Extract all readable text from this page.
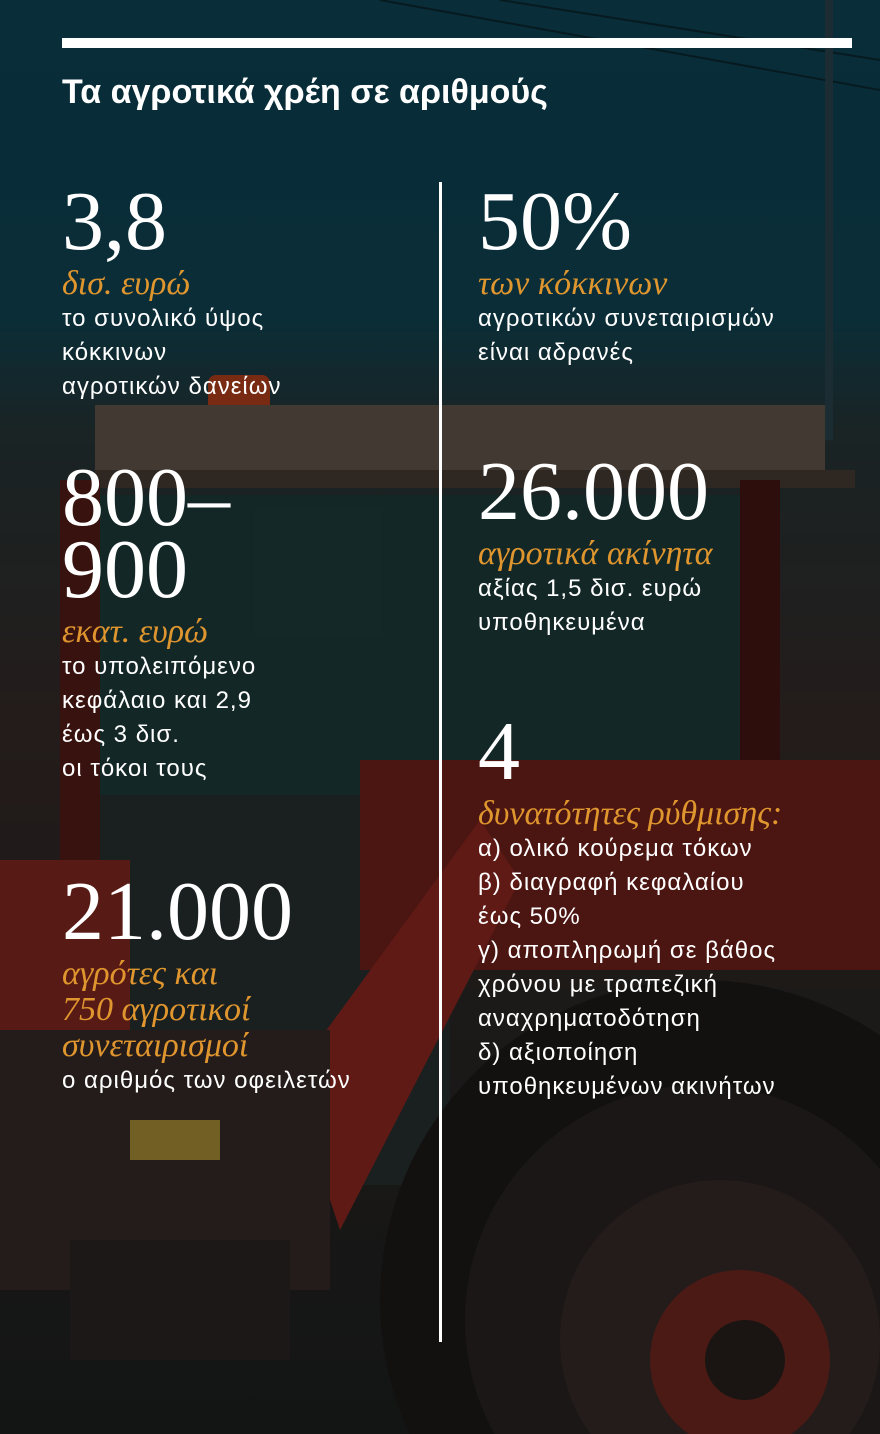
Τα αγροτικά χρέη σε αριθμούς
3,8
δισ. ευρώ
το συνολικό ύψος
κόκκινων
αγροτικών δανείων
800–
900
εκατ. ευρώ
το υπολειπόμενο
κεφάλαιο και 2,9
έως 3 δισ.
οι τόκοι τους
21.000
αγρότες και
750 αγροτικοί
συνεταιρισμοί
ο αριθμός των οφειλετών
50%
των κόκκινων
αγροτικών συνεταιρισμών
είναι αδρανές
26.000
αγροτικά ακίνητα
αξίας 1,5 δισ. ευρώ
υποθηκευμένα
4
δυνατότητες ρύθμισης:
α) ολικό κούρεμα τόκων
β) διαγραφή κεφαλαίου
έως 50%
γ) αποπληρωμή σε βάθος
χρόνου με τραπεζική
αναχρηματοδότηση
δ) αξιοποίηση
υποθηκευμένων ακινήτων
